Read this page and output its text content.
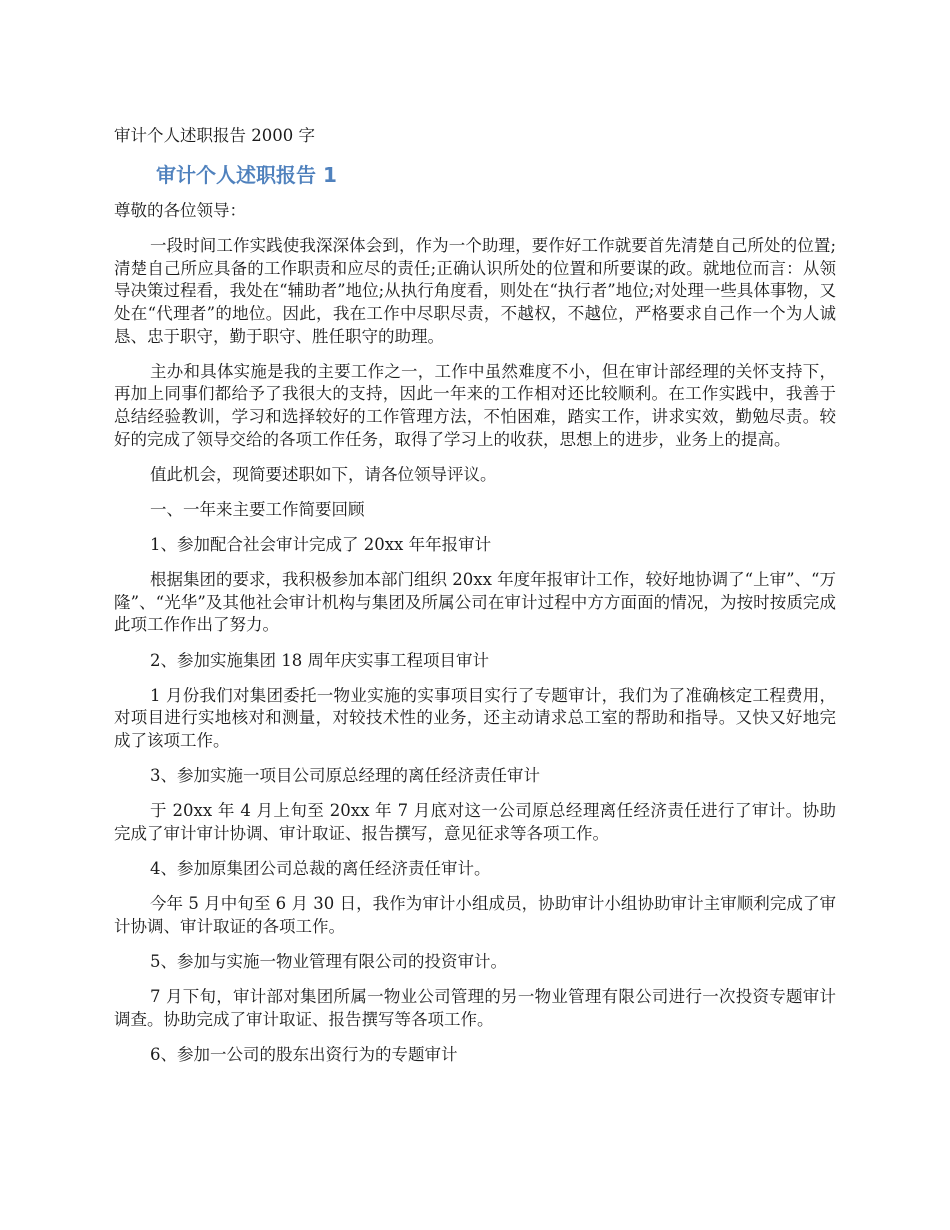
审计个人述职报告 2000 字
审计个人述职报告 1

尊敬的各位领导：

一段时间工作实践使我深深体会到，作为一个助理，要作好工作就要首先清楚自己所处的位置;清楚自己所应具备的工作职责和应尽的责任;正确认识所处的位置和所要谋的政。就地位而言：从领导决策过程看，我处在“辅助者”地位;从执行角度看，则处在“执行者”地位;对处理一些具体事物，又处在“代理者”的地位。因此，我在工作中尽职尽责，不越权，不越位，严格要求自己作一个为人诚恳、忠于职守，勤于职守、胜任职守的助理。

主办和具体实施是我的主要工作之一，工作中虽然难度不小，但在审计部经理的关怀支持下，再加上同事们都给予了我很大的支持，因此一年来的工作相对还比较顺利。在工作实践中，我善于总结经验教训，学习和选择较好的工作管理方法，不怕困难，踏实工作，讲求实效，勤勉尽责。较好的完成了领导交给的各项工作任务，取得了学习上的收获，思想上的进步，业务上的提高。

值此机会，现简要述职如下，请各位领导评议。

一、一年来主要工作简要回顾

1、参加配合社会审计完成了 20xx 年年报审计

根据集团的要求，我积极参加本部门组织 20xx 年度年报审计工作，较好地协调了“上审”、“万隆”、“光华”及其他社会审计机构与集团及所属公司在审计过程中方方面面的情况，为按时按质完成此项工作作出了努力。

2、参加实施集团 18 周年庆实事工程项目审计

1 月份我们对集团委托一物业实施的实事项目实行了专题审计，我们为了准确核定工程费用，对项目进行实地核对和测量，对较技术性的业务，还主动请求总工室的帮助和指导。又快又好地完成了该项工作。

3、参加实施一项目公司原总经理的离任经济责任审计

于 20xx 年 4 月上旬至 20xx 年 7 月底对这一公司原总经理离任经济责任进行了审计。协助完成了审计审计协调、审计取证、报告撰写，意见征求等各项工作。

4、参加原集团公司总裁的离任经济责任审计。

今年 5 月中旬至 6 月 30 日，我作为审计小组成员，协助审计小组协助审计主审顺利完成了审计协调、审计取证的各项工作。

5、参加与实施一物业管理有限公司的投资审计。

7 月下旬，审计部对集团所属一物业公司管理的另一物业管理有限公司进行一次投资专题审计调查。协助完成了审计取证、报告撰写等各项工作。

6、参加一公司的股东出资行为的专题审计
